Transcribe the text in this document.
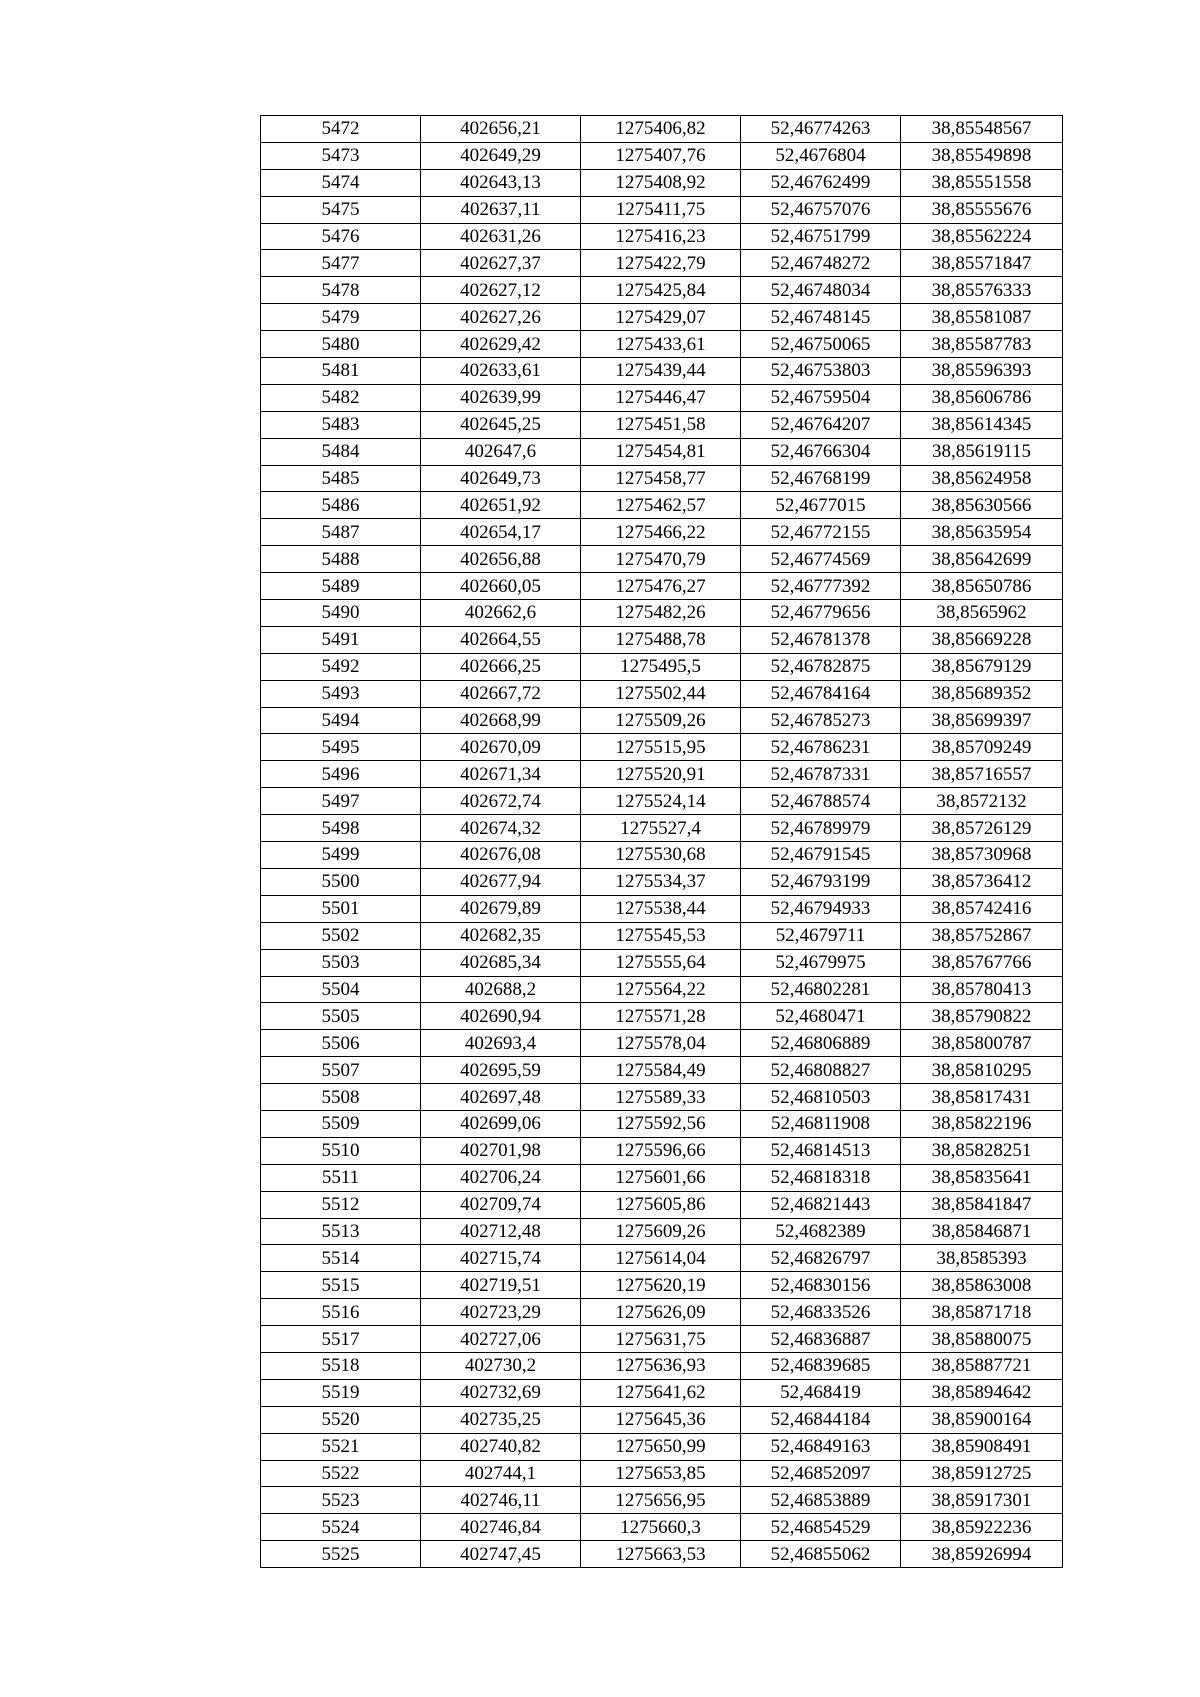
5472	402656,21	1275406,82	52,46774263	38,85548567
5473	402649,29	1275407,76	52,4676804	38,85549898
5474	402643,13	1275408,92	52,46762499	38,85551558
5475	402637,11	1275411,75	52,46757076	38,85555676
5476	402631,26	1275416,23	52,46751799	38,85562224
5477	402627,37	1275422,79	52,46748272	38,85571847
5478	402627,12	1275425,84	52,46748034	38,85576333
5479	402627,26	1275429,07	52,46748145	38,85581087
5480	402629,42	1275433,61	52,46750065	38,85587783
5481	402633,61	1275439,44	52,46753803	38,85596393
5482	402639,99	1275446,47	52,46759504	38,85606786
5483	402645,25	1275451,58	52,46764207	38,85614345
5484	402647,6	1275454,81	52,46766304	38,85619115
5485	402649,73	1275458,77	52,46768199	38,85624958
5486	402651,92	1275462,57	52,4677015	38,85630566
5487	402654,17	1275466,22	52,46772155	38,85635954
5488	402656,88	1275470,79	52,46774569	38,85642699
5489	402660,05	1275476,27	52,46777392	38,85650786
5490	402662,6	1275482,26	52,46779656	38,8565962
5491	402664,55	1275488,78	52,46781378	38,85669228
5492	402666,25	1275495,5	52,46782875	38,85679129
5493	402667,72	1275502,44	52,46784164	38,85689352
5494	402668,99	1275509,26	52,46785273	38,85699397
5495	402670,09	1275515,95	52,46786231	38,85709249
5496	402671,34	1275520,91	52,46787331	38,85716557
5497	402672,74	1275524,14	52,46788574	38,8572132
5498	402674,32	1275527,4	52,46789979	38,85726129
5499	402676,08	1275530,68	52,46791545	38,85730968
5500	402677,94	1275534,37	52,46793199	38,85736412
5501	402679,89	1275538,44	52,46794933	38,85742416
5502	402682,35	1275545,53	52,4679711	38,85752867
5503	402685,34	1275555,64	52,4679975	38,85767766
5504	402688,2	1275564,22	52,46802281	38,85780413
5505	402690,94	1275571,28	52,4680471	38,85790822
5506	402693,4	1275578,04	52,46806889	38,85800787
5507	402695,59	1275584,49	52,46808827	38,85810295
5508	402697,48	1275589,33	52,46810503	38,85817431
5509	402699,06	1275592,56	52,46811908	38,85822196
5510	402701,98	1275596,66	52,46814513	38,85828251
5511	402706,24	1275601,66	52,46818318	38,85835641
5512	402709,74	1275605,86	52,46821443	38,85841847
5513	402712,48	1275609,26	52,4682389	38,85846871
5514	402715,74	1275614,04	52,46826797	38,8585393
5515	402719,51	1275620,19	52,46830156	38,85863008
5516	402723,29	1275626,09	52,46833526	38,85871718
5517	402727,06	1275631,75	52,46836887	38,85880075
5518	402730,2	1275636,93	52,46839685	38,85887721
5519	402732,69	1275641,62	52,468419	38,85894642
5520	402735,25	1275645,36	52,46844184	38,85900164
5521	402740,82	1275650,99	52,46849163	38,85908491
5522	402744,1	1275653,85	52,46852097	38,85912725
5523	402746,11	1275656,95	52,46853889	38,85917301
5524	402746,84	1275660,3	52,46854529	38,85922236
5525	402747,45	1275663,53	52,46855062	38,85926994
